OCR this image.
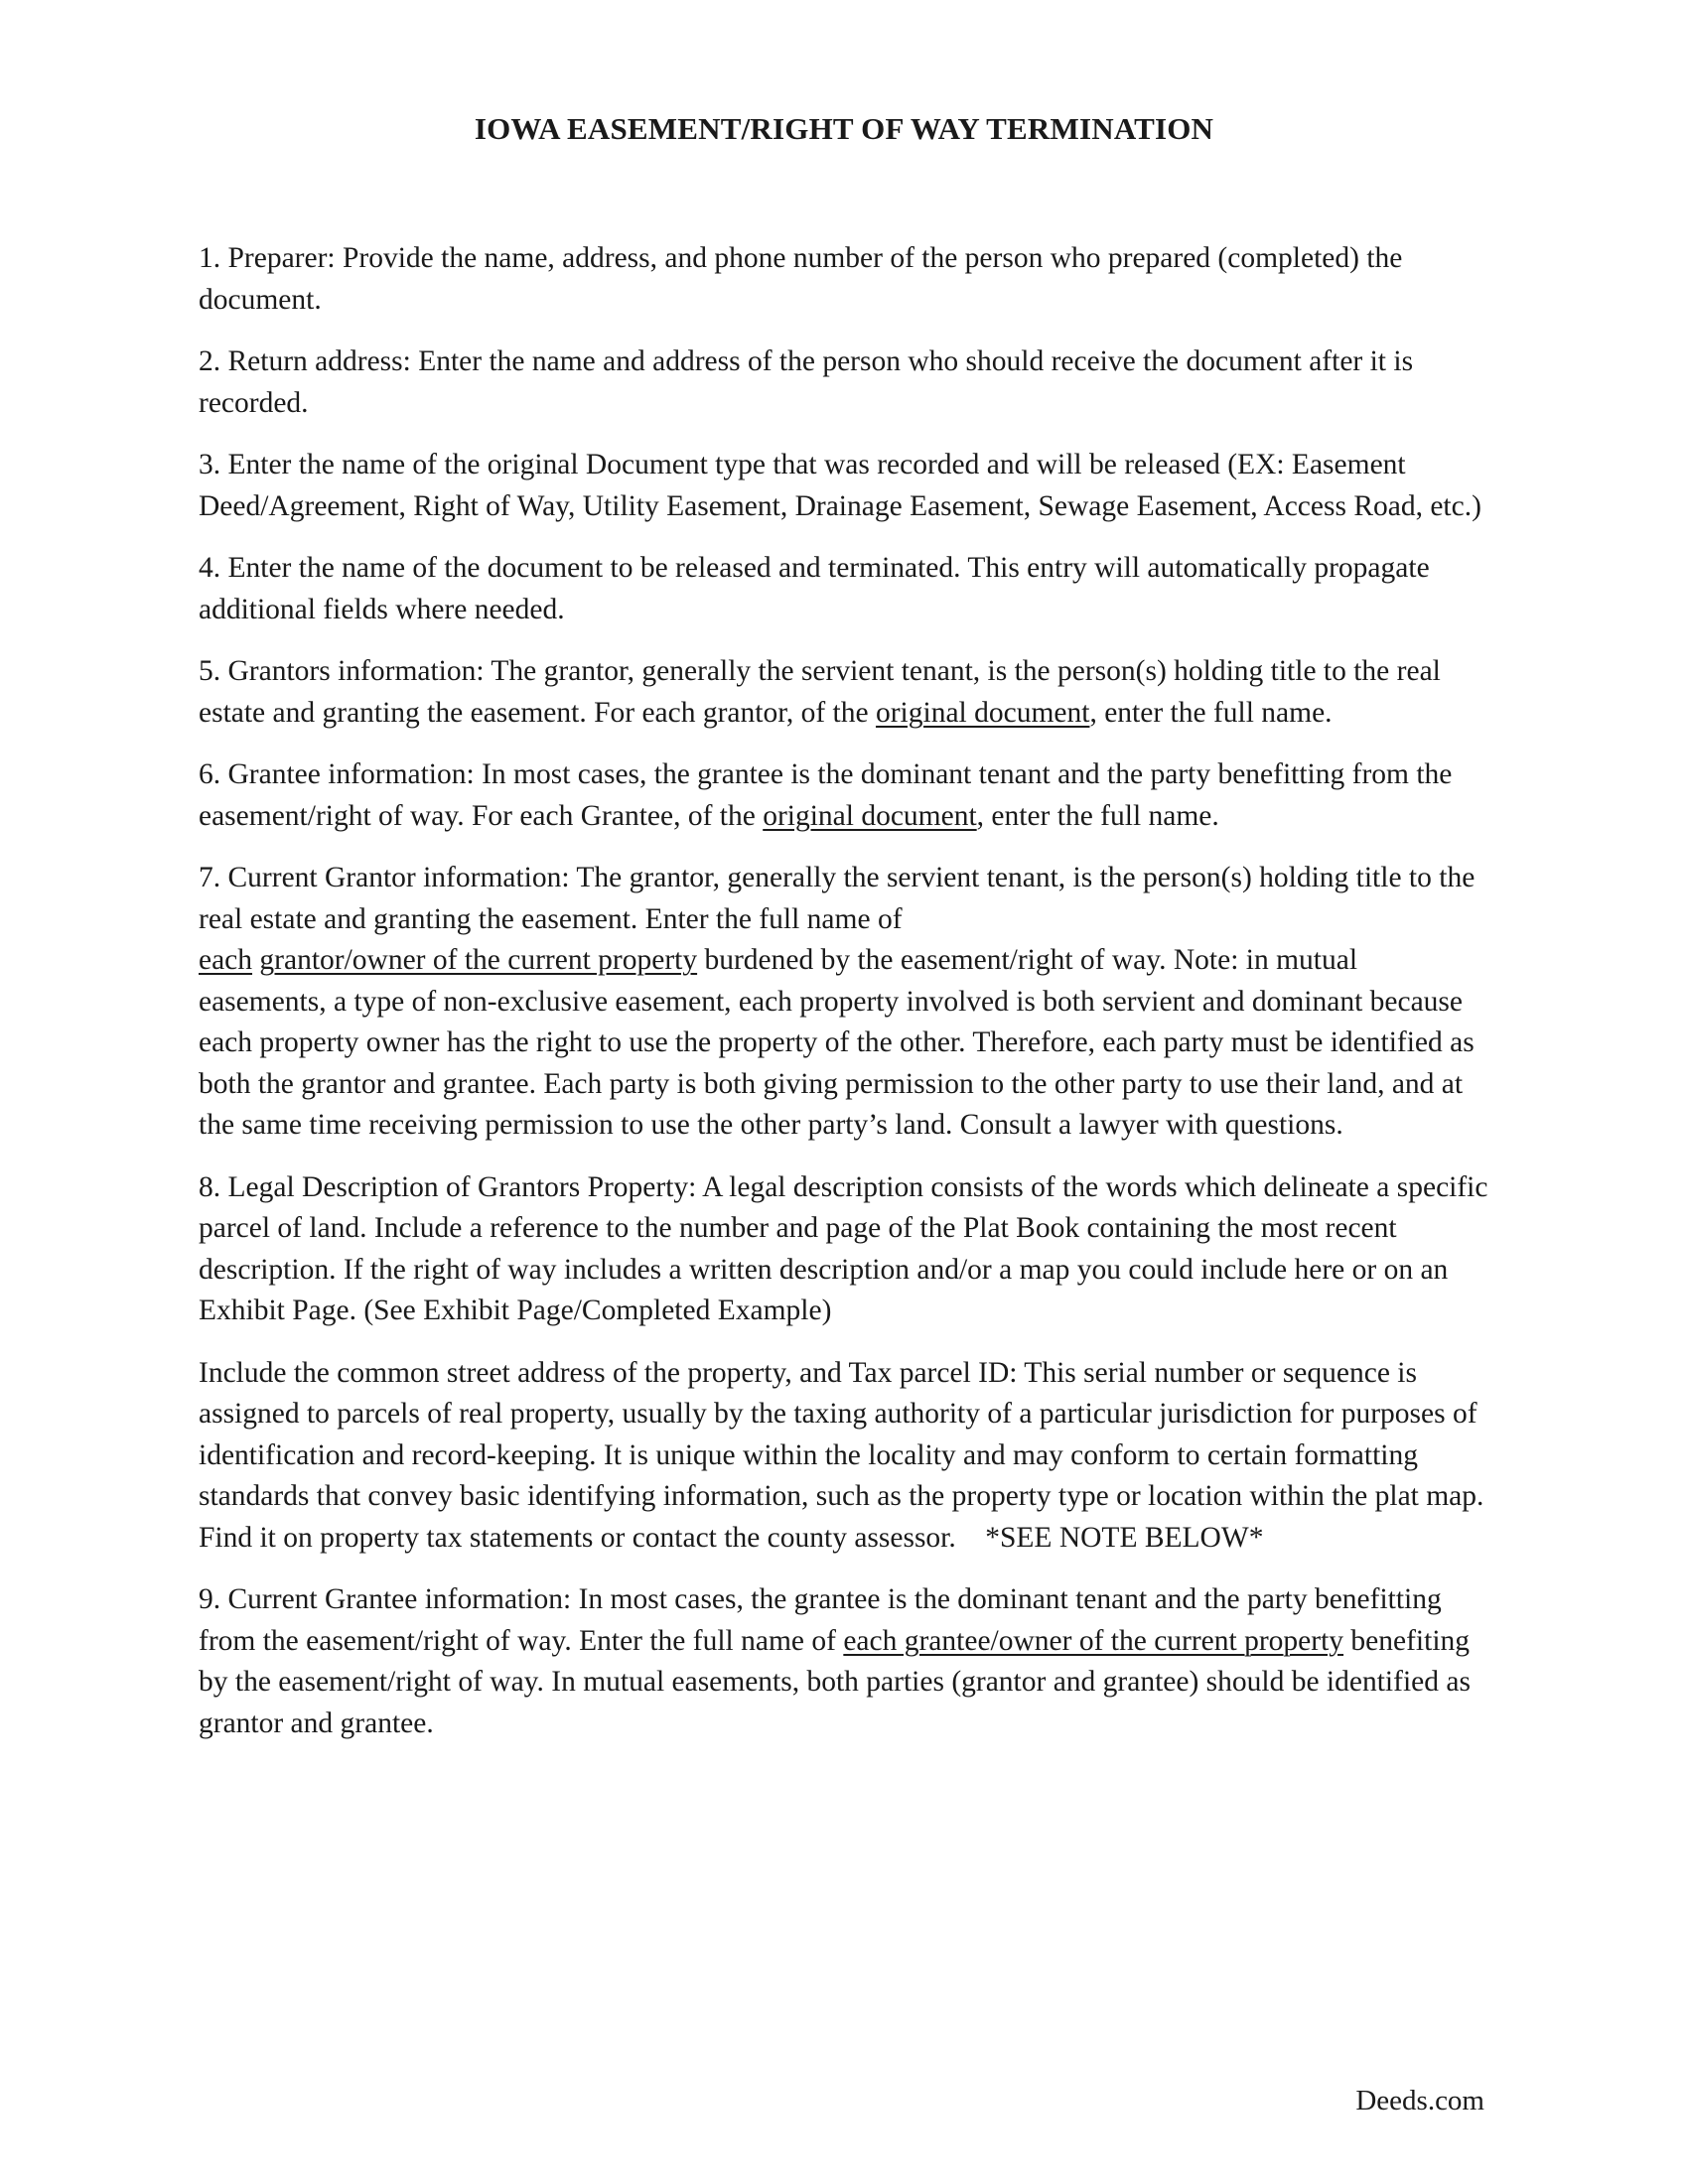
IOWA EASEMENT/RIGHT OF WAY TERMINATION

1. Preparer: Provide the name, address, and phone number of the person who prepared (completed) the document.

2. Return address: Enter the name and address of the person who should receive the document after it is recorded.

3. Enter the name of the original Document type that was recorded and will be released (EX: Easement Deed/Agreement, Right of Way, Utility Easement, Drainage Easement, Sewage Easement, Access Road, etc.)

4. Enter the name of the document to be released and terminated. This entry will automatically propagate additional fields where needed.

5. Grantors information: The grantor, generally the servient tenant, is the person(s) holding title to the real estate and granting the easement. For each grantor, of the original document, enter the full name.

6. Grantee information: In most cases, the grantee is the dominant tenant and the party benefitting from the easement/right of way. For each Grantee, of the original document, enter the full name.

7. Current Grantor information: The grantor, generally the servient tenant, is the person(s) holding title to the real estate and granting the easement. Enter the full name of
each grantor/owner of the current property burdened by the easement/right of way. Note: in mutual easements, a type of non-exclusive easement, each property involved is both servient and dominant because each property owner has the right to use the property of the other. Therefore, each party must be identified as both the grantor and grantee. Each party is both giving permission to the other party to use their land, and at the same time receiving permission to use the other party’s land. Consult a lawyer with questions.

8. Legal Description of Grantors Property: A legal description consists of the words which delineate a specific parcel of land. Include a reference to the number and page of the Plat Book containing the most recent description. If the right of way includes a written description and/or a map you could include here or on an Exhibit Page. (See Exhibit Page/Completed Example)

Include the common street address of the property, and Tax parcel ID: This serial number or sequence is assigned to parcels of real property, usually by the taxing authority of a particular jurisdiction for purposes of identification and record-keeping. It is unique within the locality and may conform to certain formatting standards that convey basic identifying information, such as the property type or location within the plat map. Find it on property tax statements or contact the county assessor.    *SEE NOTE BELOW*

9. Current Grantee information: In most cases, the grantee is the dominant tenant and the party benefitting from the easement/right of way. Enter the full name of each grantee/owner of the current property benefiting by the easement/right of way. In mutual easements, both parties (grantor and grantee) should be identified as grantor and grantee.

Deeds.com
